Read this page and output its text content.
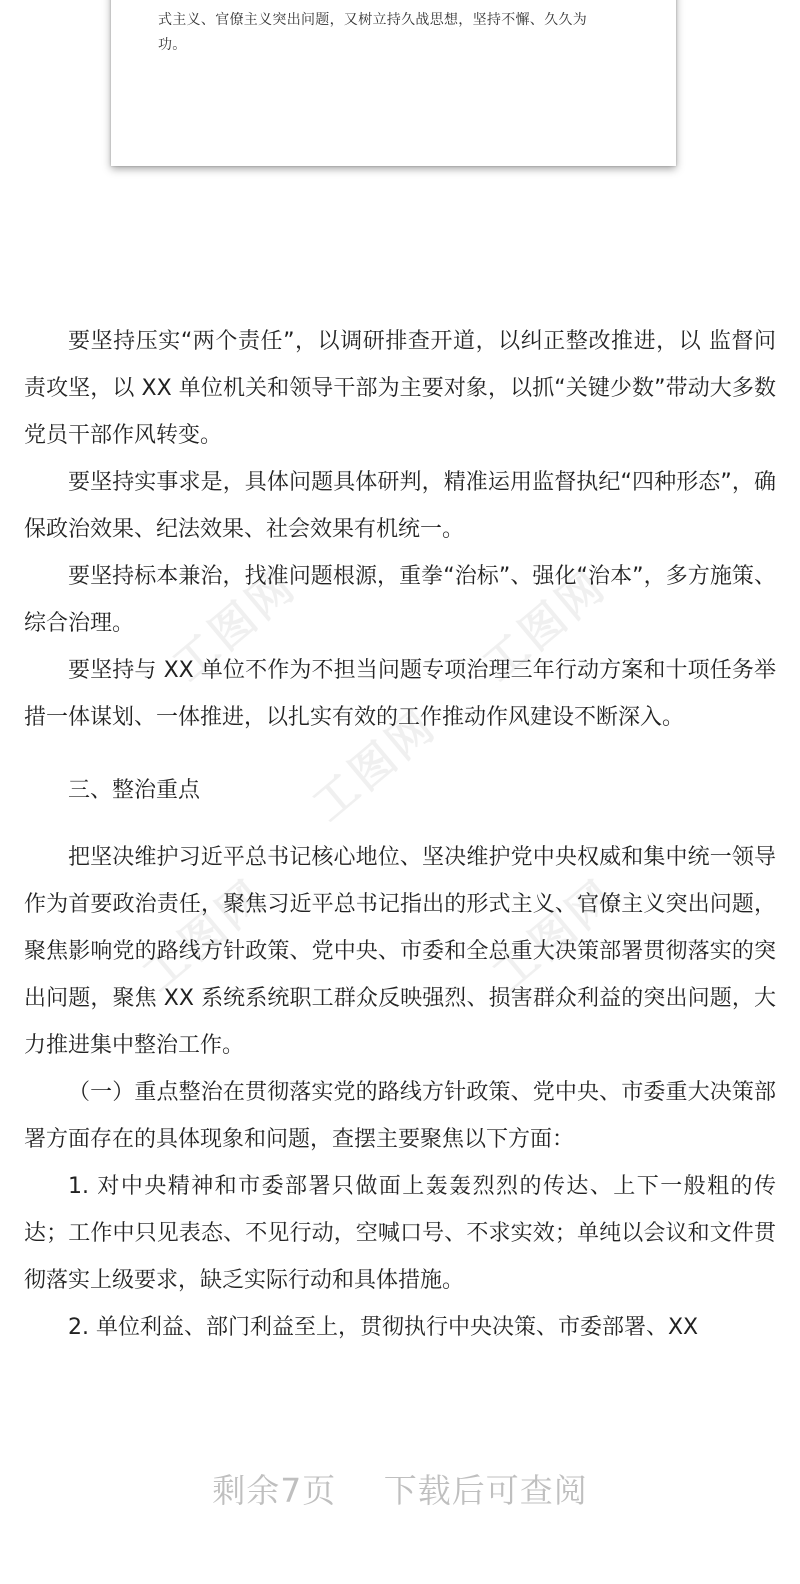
式主义、官僚主义突出问题，又树立持久战思想，坚持不懈、久久为
功。
工图网	工图网
工图网
工图网	工图网

要坚持压实“两个责任”，以调研排查开道，以纠正整改推进，以 监督问责攻坚，以 XX 单位机关和领导干部为主要对象，以抓“关键少数”带动大多数党员干部作风转变。

要坚持实事求是，具体问题具体研判，精准运用监督执纪“四种形态”，确保政治效果、纪法效果、社会效果有机统一。

要坚持标本兼治，找准问题根源，重拳“治标”、强化“治本”，多方施策、综合治理。

要坚持与 XX 单位不作为不担当问题专项治理三年行动方案和十项任务举措一体谋划、一体推进，以扎实有效的工作推动作风建设不断深入。

三、整治重点

把坚决维护习近平总书记核心地位、坚决维护党中央权威和集中统一领导作为首要政治责任，聚焦习近平总书记指出的形式主义、官僚主义突出问题，聚焦影响党的路线方针政策、党中央、市委和全总重大决策部署贯彻落实的突出问题，聚焦 XX 系统系统职工群众反映强烈、损害群众利益的突出问题，大力推进集中整治工作。

（一）重点整治在贯彻落实党的路线方针政策、党中央、市委重大决策部署方面存在的具体现象和问题，查摆主要聚焦以下方面：

1. 对中央精神和市委部署只做面上轰轰烈烈的传达、上下一般粗的传达；工作中只见表态、不见行动，空喊口号、不求实效；单纯以会议和文件贯彻落实上级要求，缺乏实际行动和具体措施。

2. 单位利益、部门利益至上，贯彻执行中央决策、市委部署、XX

剩余7页 下载后可查阅
